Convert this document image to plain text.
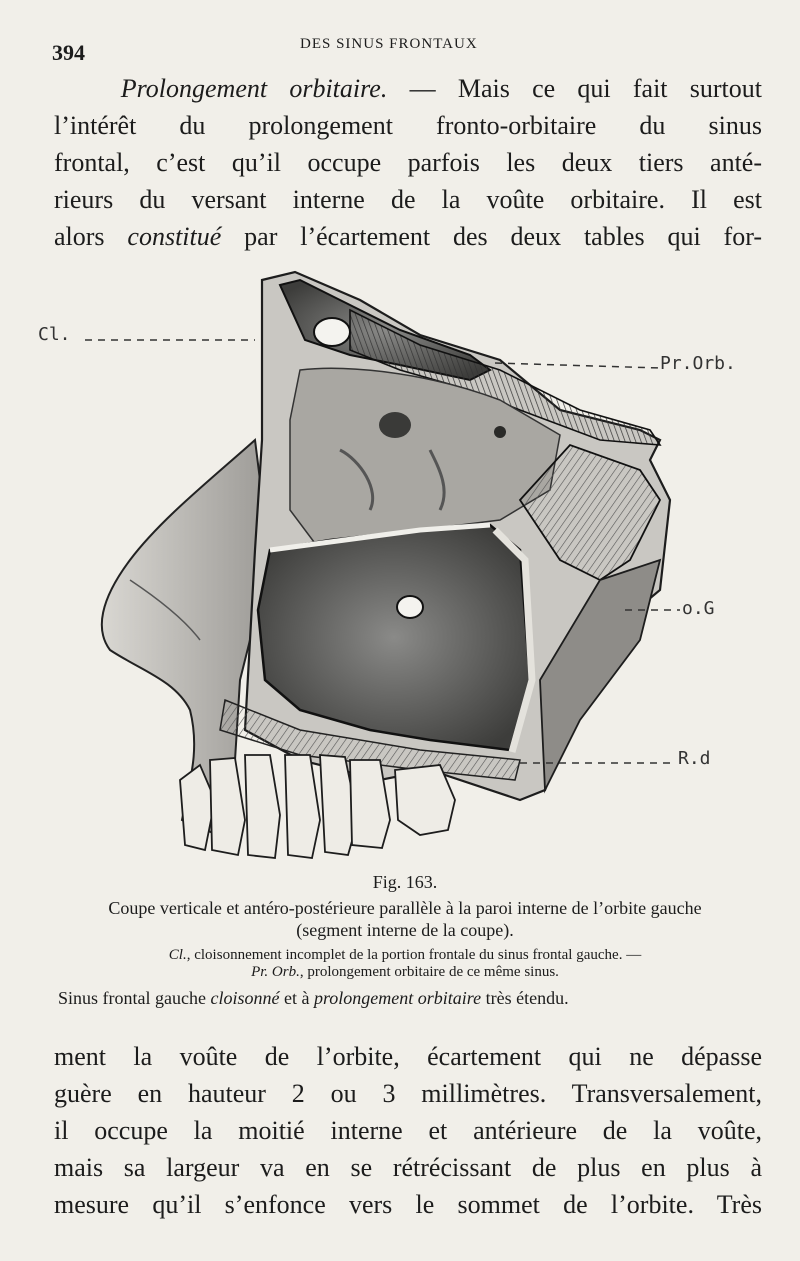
394	DES SINUS FRONTAUX

Prolongement orbitaire. — Mais ce qui fait surtout
l’intérêt du prolongement fronto-orbitaire du sinus
frontal, c’est qu’il occupe parfois les deux tiers anté-
rieurs du versant interne de la voûte orbitaire. Il est
alors constitué par l’écartement des deux tables qui for-

Cl.
Pr.Orb.
o.G
R.d

Fig. 163.

Coupe verticale et antéro-postérieure parallèle à la paroi interne de l’orbite gauche (segment interne de la coupe).

Cl., cloisonnement incomplet de la portion frontale du sinus frontal gauche. —
Pr. Orb., prolongement orbitaire de ce même sinus.

Sinus frontal gauche cloisonné et à prolongement orbitaire très étendu.

ment la voûte de l’orbite, écartement qui ne dépasse
guère en hauteur 2 ou 3 millimètres. Transversalement,
il occupe la moitié interne et antérieure de la voûte,
mais sa largeur va en se rétrécissant de plus en plus à
mesure qu’il s’enfonce vers le sommet de l’orbite. Très
